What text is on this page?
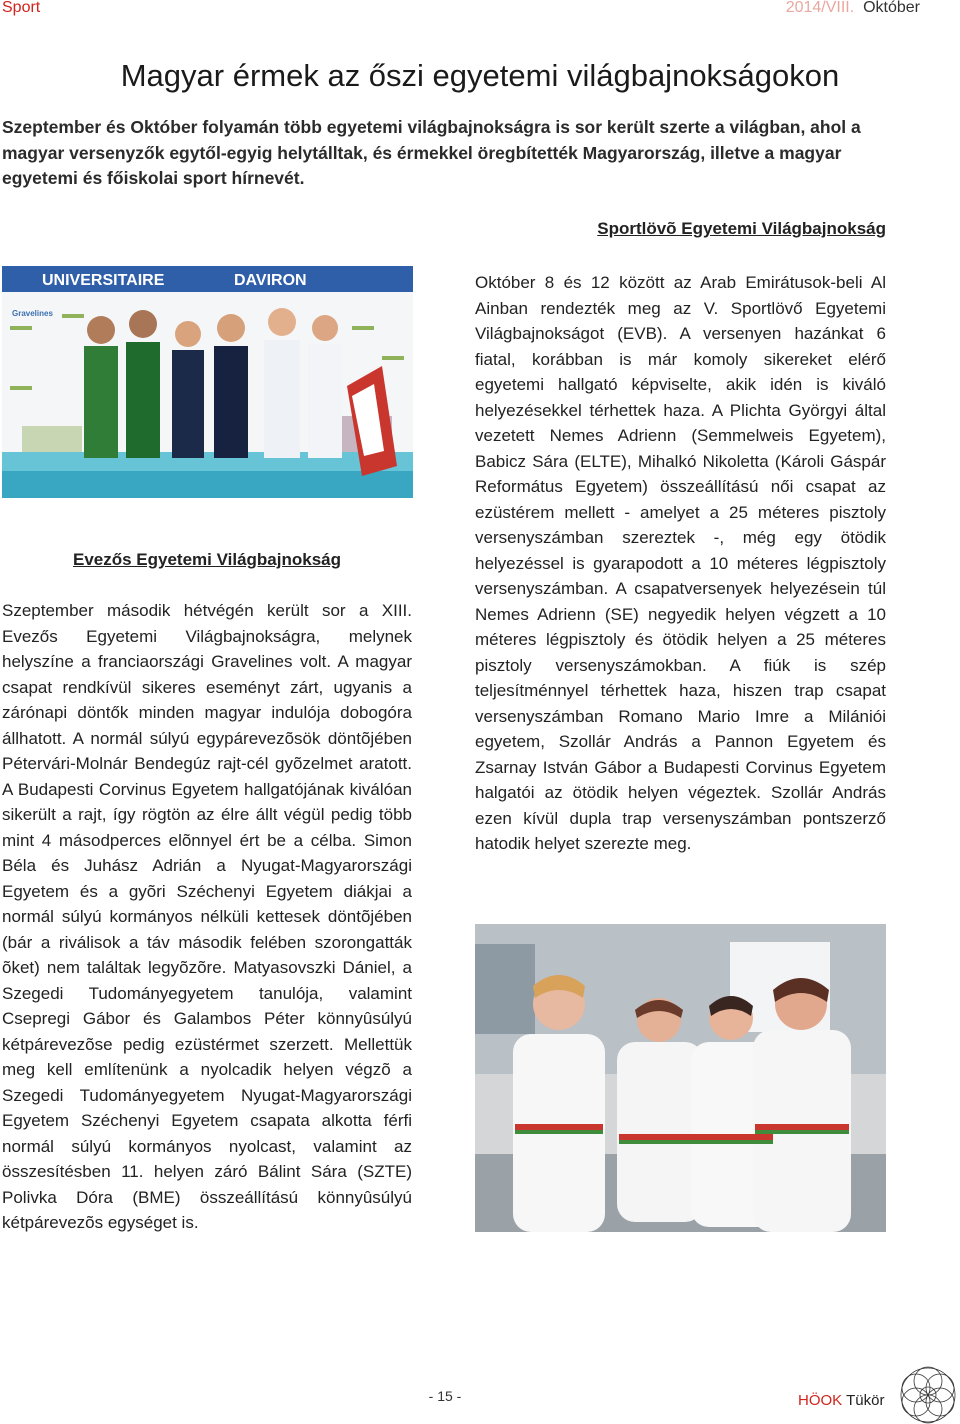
Sport	2014/VIII. Október
Magyar érmek az őszi egyetemi világbajnokságokon

Szeptember és Október folyamán több egyetemi világbajnokságra is sor került szerte a világban, ahol a magyar versenyzők egytől-egyig helytálltak, és érmekkel öregbítették Magyarország, illetve a magyar egyetemi és főiskolai sport hírnevét.

Sportlövõ Egyetemi Világbajnokság
UNIVERSITAIRE	DAVIRON
Gravelines
Evezős Egyetemi Világbajnokság

Szeptember második hétvégén került sor a XIII. Evezős Egyetemi Világbajnokságra, melynek helyszíne a franciaországi Gravelines volt. A magyar csapat rendkívül sikeres eseményt zárt, ugyanis a zárónapi döntők minden magyar indulója dobogóra állhatott. A normál súlyú egypárevezõsök döntõjében Pétervári-Molnár Bendegúz rajt-cél gyõzelmet aratott. A Budapesti Corvinus Egyetem hallgatójának kiválóan sikerült a rajt, így rögtön az élre állt végül pedig több mint 4 másodperces elõnnyel ért be a célba. Simon Béla és Juhász Adrián a Nyugat-Magyarországi Egyetem és a gyõri Széchenyi Egyetem diákjai a normál súlyú kormányos nélküli kettesek döntõjében (bár a riválisok a táv második felében szorongatták õket) nem találtak legyõzõre. Matyasovszki Dániel, a Szegedi Tudományegyetem tanulója, valamint Csepregi Gábor és Galambos Péter könnyûsúlyú kétpárevezõse pedig ezüstérmet szerzett. Mellettük meg kell említenünk a nyolcadik helyen végzõ a Szegedi Tudományegyetem Nyugat-Magyarországi Egyetem Széchenyi Egyetem csapata alkotta férfi normál súlyú kormányos nyolcast, valamint az összesítésben 11. helyen záró Bálint Sára (SZTE) Polivka Dóra (BME) összeállítású könnyûsúlyú kétpárevezõs egységet is.

Október 8 és 12 között az Arab Emirátusok-beli Al Ainban rendezték meg az V. Sportlövő Egyetemi Világbajnokságot (EVB). A versenyen hazánkat 6 fiatal, korábban is már komoly sikereket elérő egyetemi hallgató képviselte, akik idén is kiváló helyezésekkel térhettek haza. A Plichta Györgyi által vezetett Nemes Adrienn (Semmelweis Egyetem), Babicz Sára (ELTE), Mihalkó Nikoletta (Károli Gáspár Református Egyetem) összeállítású női csapat az ezüstérem mellett - amelyet a 25 méteres pisztoly versenyszámban szereztek -, még egy ötödik helyezéssel is gyarapodott a 10 méteres légpisztoly versenyszámban. A csapatversenyek helyezésein túl Nemes Adrienn (SE) negyedik helyen végzett a 10 méteres légpisztoly és ötödik helyen a 25 méteres pisztoly versenyszámokban. A fiúk is szép teljesítménnyel térhettek haza, hiszen trap csapat versenyszámban Romano Mario Imre a Milániói egyetem, Szollár András a Pannon Egyetem és Zsarnay István Gábor a Budapesti Corvinus Egyetem halgatói az ötödik helyen végeztek. Szollár András ezen kívül dupla trap versenyszámban pontszerző hatodik helyet szerezte meg.

- 15 -	HÖOK Tükör
